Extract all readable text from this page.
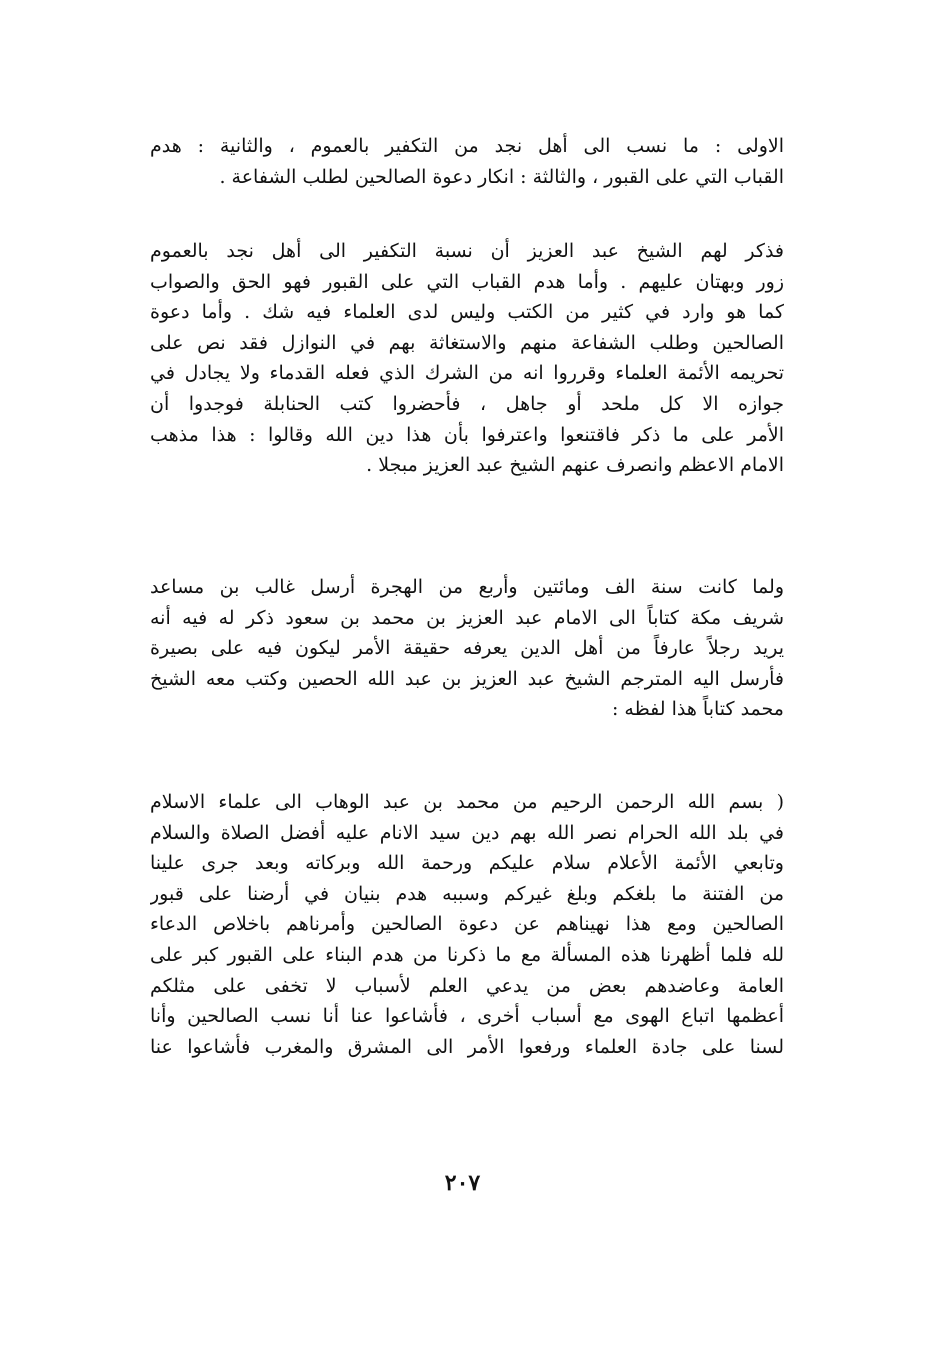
الاولى : ما نسب الى أهل نجد من التكفير بالعموم ، والثانية : هدم
القباب التي على القبور ، والثالثة : انكار دعوة الصالحين لطلب الشفاعة .
فذكر لهم الشيخ عبد العزيز أن نسبة التكفير الى أهل نجد بالعموم
زور وبهتان عليهم . وأما هدم القباب التي على القبور فهو الحق والصواب
كما هو وارد في كثير من الكتب وليس لدى العلماء فيه شك . وأما دعوة
الصالحين وطلب الشفاعة منهم والاستغاثة بهم في النوازل فقد نص على
تحريمه الأئمة العلماء وقرروا انه من الشرك الذي فعله القدماء ولا يجادل في
جوازه الا كل ملحد أو جاهل ، فأحضروا كتب الحنابلة فوجدوا أن
الأمر على ما ذكر فاقتنعوا واعترفوا بأن هذا دين الله وقالوا : هذا مذهب
الامام الاعظم وانصرف عنهم الشيخ عبد العزيز مبجلا .
ولما كانت سنة الف ومائتين وأربع من الهجرة أرسل غالب بن مساعد
شريف مكة كتاباً الى الامام عبد العزيز بن محمد بن سعود ذكر له فيه أنه
يريد رجلاً عارفاً من أهل الدين يعرفه حقيقة الأمر ليكون فيه على بصيرة
فأرسل اليه المترجم الشيخ عبد العزيز بن عبد الله الحصين وكتب معه الشيخ
محمد كتاباً هذا لفظه :
( بسم الله الرحمن الرحيم من محمد بن عبد الوهاب الى علماء الاسلام
في بلد الله الحرام نصر الله بهم دين سيد الانام عليه أفضل الصلاة والسلام
وتابعي الأئمة الأعلام سلام عليكم ورحمة الله وبركاته وبعد جرى علينا
من الفتنة ما بلغكم وبلغ غيركم وسببه هدم بنيان في أرضنا على قبور
الصالحين ومع هذا نهيناهم عن دعوة الصالحين وأمرناهم باخلاص الدعاء
لله فلما أظهرنا هذه المسألة مع ما ذكرنا من هدم البناء على القبور كبر على
العامة وعاضدهم بعض من يدعي العلم لأسباب لا تخفى على مثلكم
أعظمها اتباع الهوى مع أسباب أخرى ، فأشاعوا عنا أنا نسب الصالحين وأنا
لسنا على جادة العلماء ورفعوا الأمر الى المشرق والمغرب فأشاعوا عنا
٢٠٧
